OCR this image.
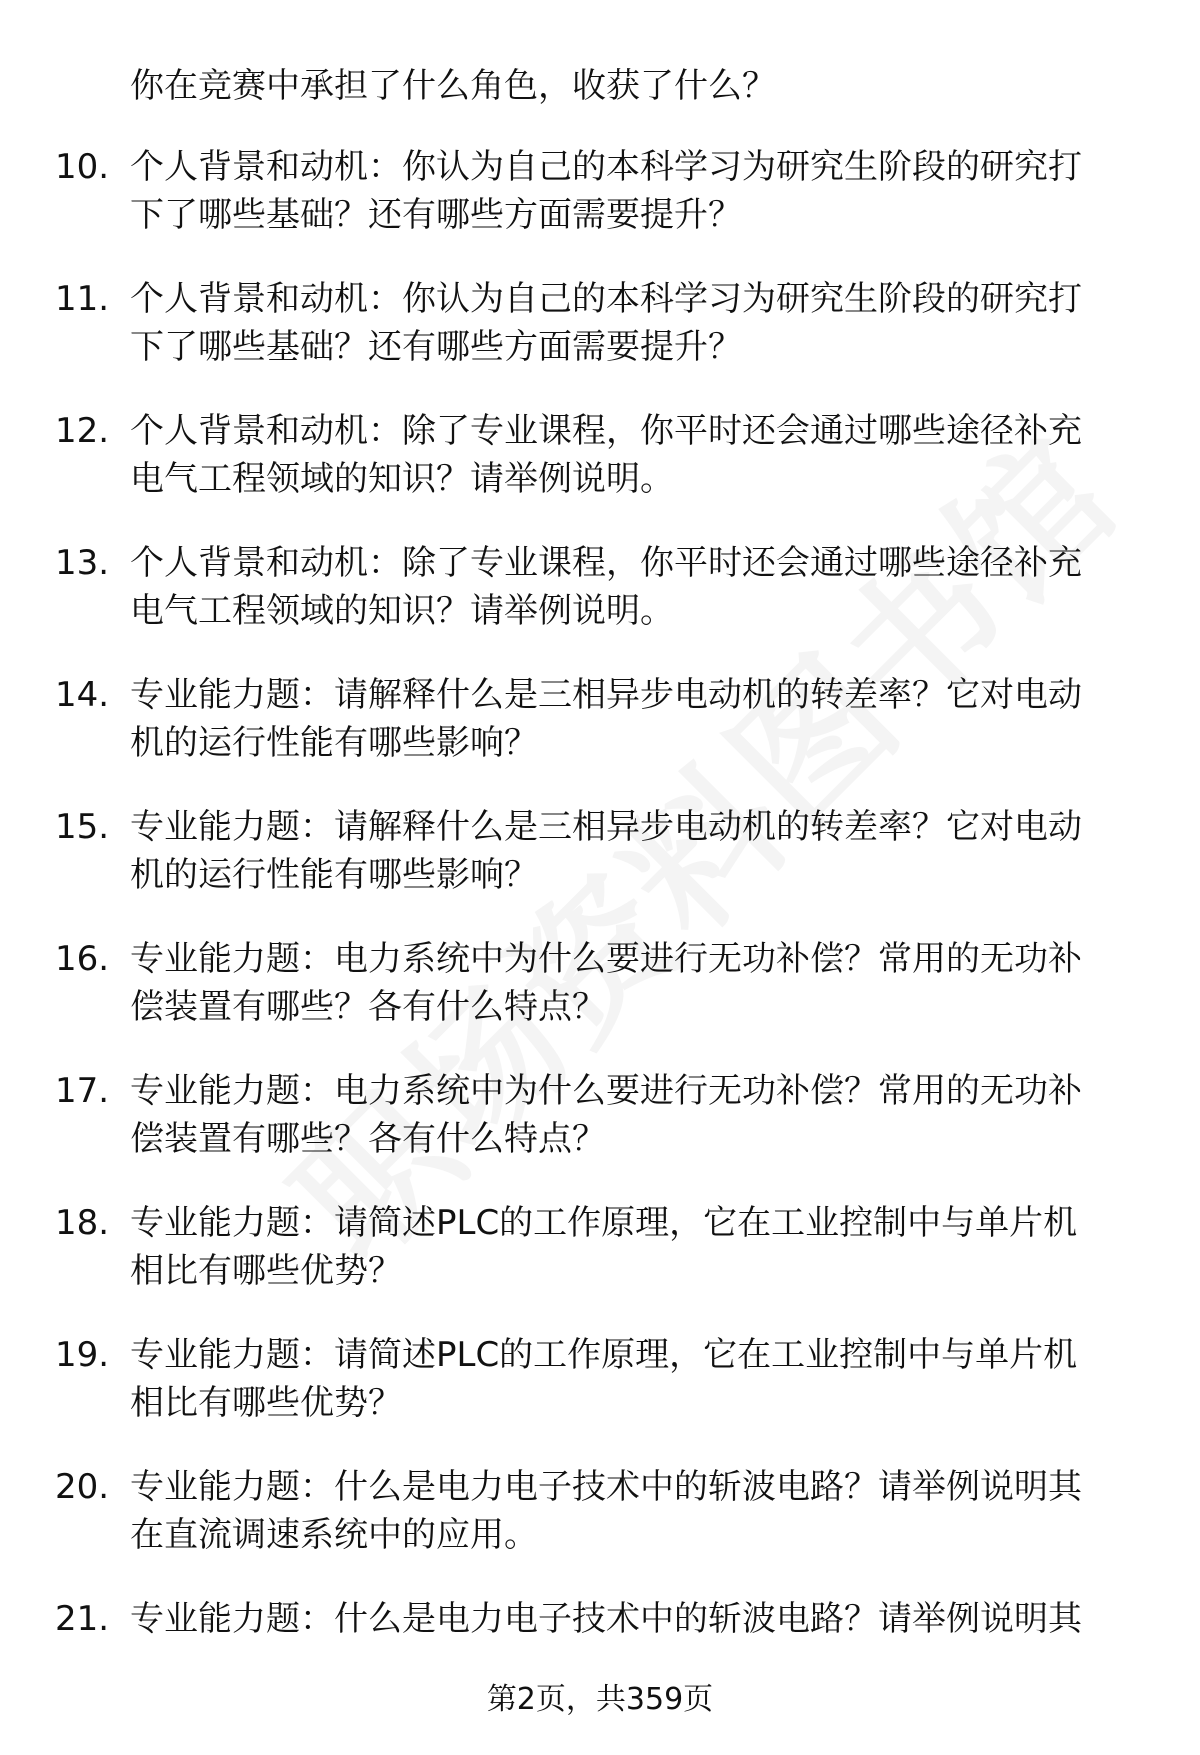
你在竞赛中承担了什么角色，收获了什么？
10. 个人背景和动机：你认为自己的本科学习为研究生阶段的研究打
下了哪些基础？还有哪些方面需要提升？
11. 个人背景和动机：你认为自己的本科学习为研究生阶段的研究打
下了哪些基础？还有哪些方面需要提升？
12. 个人背景和动机：除了专业课程，你平时还会通过哪些途径补充
电气工程领域的知识？请举例说明。
13. 个人背景和动机：除了专业课程，你平时还会通过哪些途径补充
电气工程领域的知识？请举例说明。
14. 专业能力题：请解释什么是三相异步电动机的转差率？它对电动
机的运行性能有哪些影响？
15. 专业能力题：请解释什么是三相异步电动机的转差率？它对电动
机的运行性能有哪些影响？
16. 专业能力题：电力系统中为什么要进行无功补偿？常用的无功补
偿装置有哪些？各有什么特点？
17. 专业能力题：电力系统中为什么要进行无功补偿？常用的无功补
偿装置有哪些？各有什么特点？
18. 专业能力题：请简述PLC的工作原理，它在工业控制中与单片机
相比有哪些优势？
19. 专业能力题：请简述PLC的工作原理，它在工业控制中与单片机
相比有哪些优势？
20. 专业能力题：什么是电力电子技术中的斩波电路？请举例说明其
在直流调速系统中的应用。
21. 专业能力题：什么是电力电子技术中的斩波电路？请举例说明其
第2页，共359页
